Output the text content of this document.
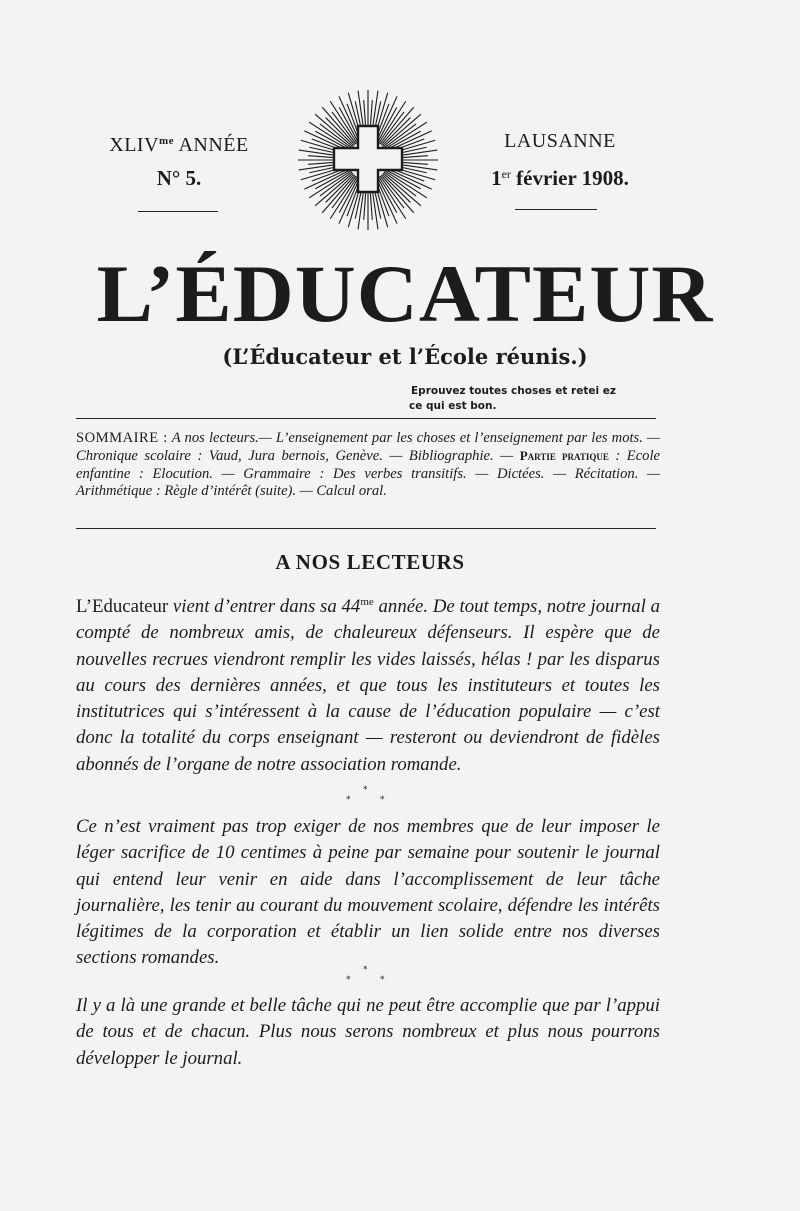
$XLIV^{me}$ ANNÉE
N° 5.
LAUSANNE
1er février 1908.
L’ÉDUCATEUR
(L’Éducateur et l’École réunis.)
Eprouvez toutes choses et retei ez
ce qui est bon.
SOMMAIRE : A nos lecteurs.— L’enseignement par les choses et l’enseignement par les mots. — Chronique scolaire : Vaud, Jura bernois, Genève. — Bibliographie. — Partie pratique : Ecole enfantine : Elocution. — Grammaire : Des verbes transitifs. — Dictées. — Récitation. — Arithmétique : Règle d’intérêt (suite). — Calcul oral.
A NOS LECTEURS
L’Educateur vient d’entrer dans sa $44^{me}$ année. De tout temps, notre journal a compté de nombreux amis, de chaleureux défenseurs. Il espère que de nouvelles recrues viendront remplir les vides laissés, hélas ! par les disparus au cours des dernières années, et que tous les instituteurs et toutes les institutrices qui s’intéressent à la cause de l’éducation populaire — c’est donc la totalité du corps enseignant — resteront ou deviendront de fidèles abonnés de l’organe de notre association romande.
*
*	*
Ce n’est vraiment pas trop exiger de nos membres que de leur imposer le léger sacrifice de 10 centimes à peine par semaine pour soutenir le journal qui entend leur venir en aide dans l’accomplissement de leur tâche journalière, les tenir au courant du mouvement scolaire, défendre les intérêts légitimes de la corporation et établir un lien solide entre nos diverses sections romandes.
*
*	*
Il y a là une grande et belle tâche qui ne peut être accomplie que par l’appui de tous et de chacun. Plus nous serons nombreux et plus nous pourrons développer le journal.
